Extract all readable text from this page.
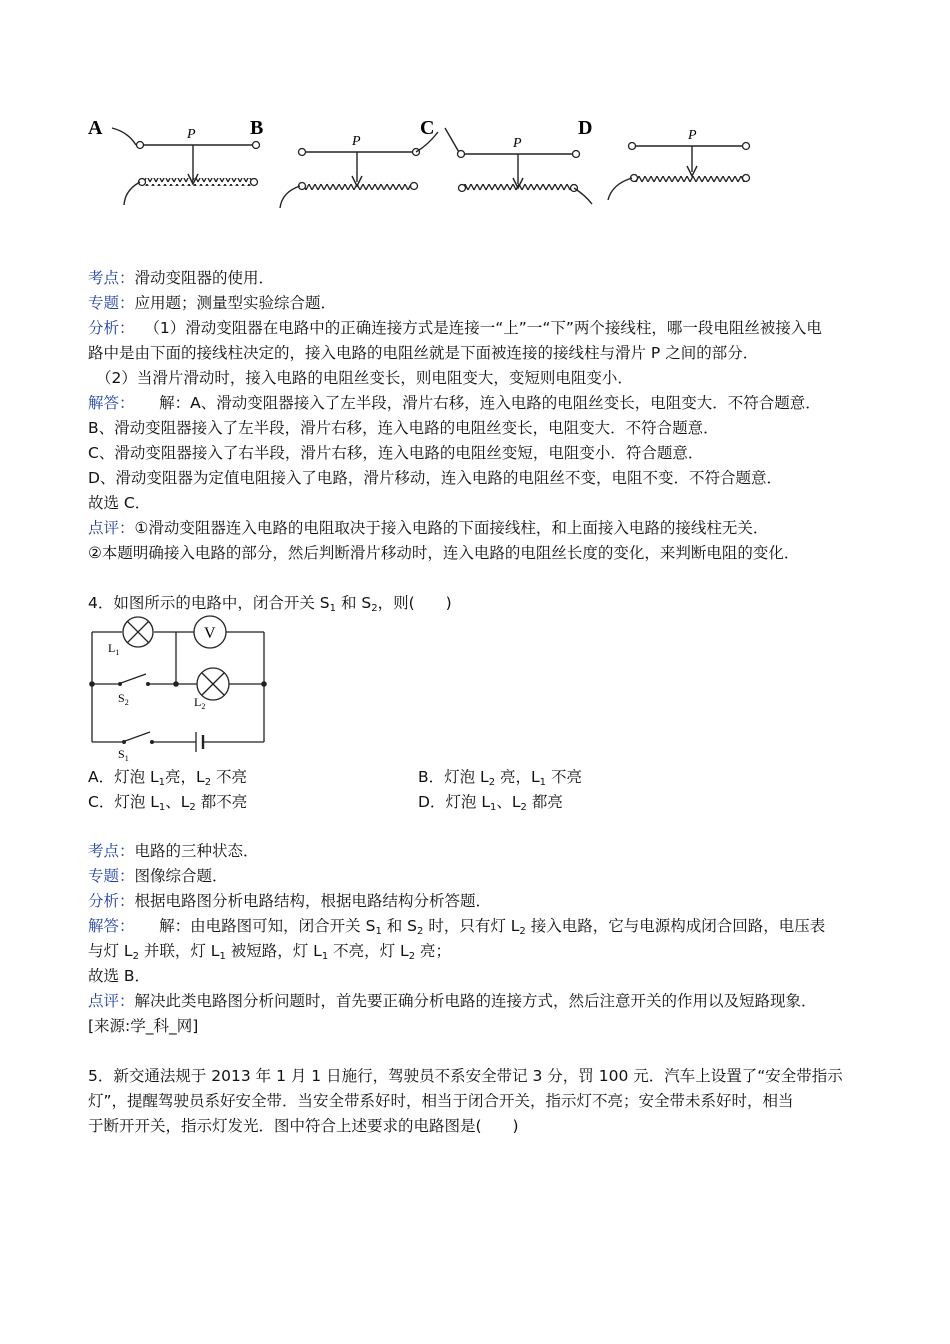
A	P	B
P
C
P
D	P
考点：滑动变阻器的使用．
专题：应用题；测量型实验综合题．
分析： （1）滑动变阻器在电路中的正确连接方式是连接一“上”一“下”两个接线柱，哪一段电阻丝被接入电
路中是由下面的接线柱决定的，接入电路的电阻丝就是下面被连接的接线柱与滑片 P 之间的部分．
（2）当滑片滑动时，接入电路的电阻丝变长，则电阻变大，变短则电阻变小．
解答： 解：A、滑动变阻器接入了左半段，滑片右移，连入电路的电阻丝变长，电阻变大．不符合题意．
B、滑动变阻器接入了左半段，滑片右移，连入电路的电阻丝变长，电阻变大．不符合题意．
C、滑动变阻器接入了右半段，滑片右移，连入电路的电阻丝变短，电阻变小．符合题意．
D、滑动变阻器为定值电阻接入了电路，滑片移动，连入电路的电阻丝不变，电阻不变．不符合题意．
故选 C．
点评：①滑动变阻器连入电路的电阻取决于接入电路的下面接线柱，和上面接入电路的接线柱无关．
②本题明确接入电路的部分，然后判断滑片移动时，连入电路的电阻丝长度的变化，来判断电阻的变化．
4．如图所示的电路中，闭合开关 $S_1$ 和 $S_2$，则(　　)
V
$L_1$
$S_2$	$L_2$
$S_1$
A．灯泡 $L_1$亮，$L_2$ 不亮	B．灯泡 $L_2$ 亮，$L_1$ 不亮
C．灯泡 $L_1$、$L_2$ 都不亮	D．灯泡 $L_1$、$L_2$ 都亮
考点：电路的三种状态．
专题：图像综合题．
分析：根据电路图分析电路结构，根据电路结构分析答题．
解答： 解：由电路图可知，闭合开关 $S_1$ 和 $S_2$ 时，只有灯 $L_2$ 接入电路，它与电源构成闭合回路，电压表
与灯 $L_2$ 并联，灯 $L_1$ 被短路，灯 $L_1$ 不亮，灯 $L_2$ 亮；
故选 B．
点评：解决此类电路图分析问题时，首先要正确分析电路的连接方式，然后注意开关的作用以及短路现象．
[来源:学_科_网]
5．新交通法规于 2013 年 1 月 1 日施行，驾驶员不系安全带记 3 分，罚 100 元．汽车上设置了“安全带指示
灯”，提醒驾驶员系好安全带．当安全带系好时，相当于闭合开关，指示灯不亮；安全带未系好时，相当
于断开开关，指示灯发光．图中符合上述要求的电路图是(　　)
